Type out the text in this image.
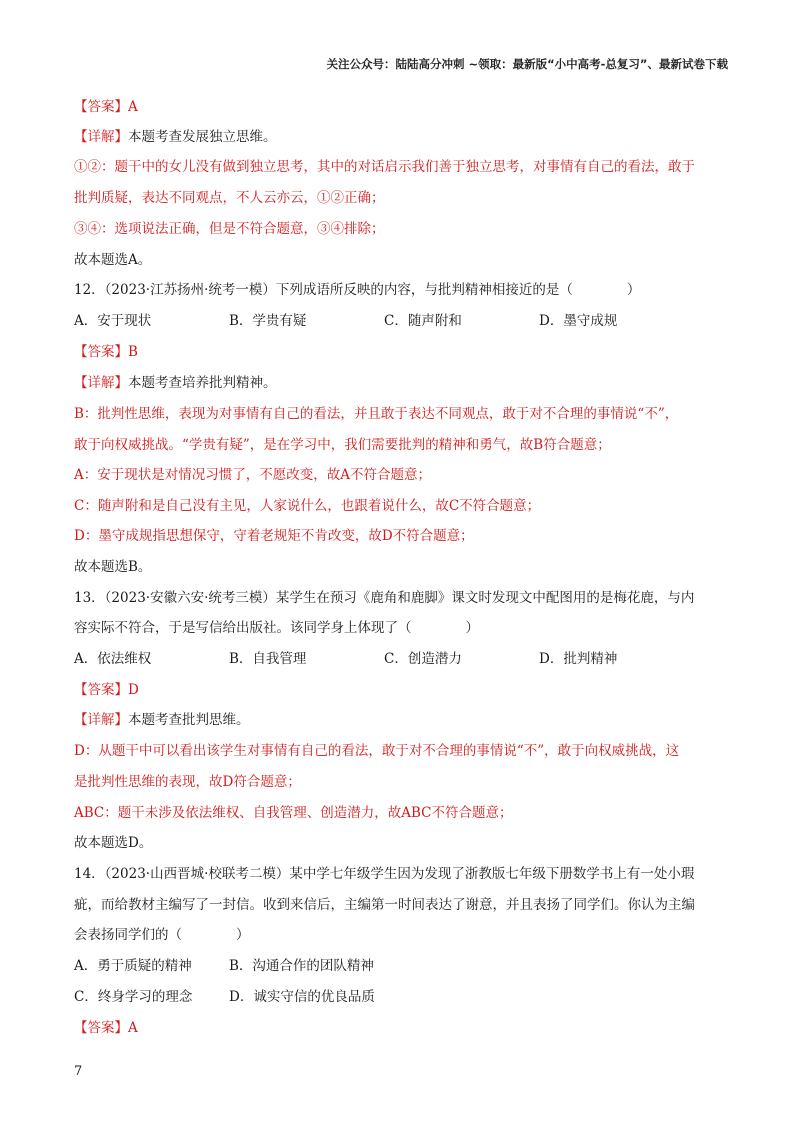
关注公众号：陆陆高分冲刺 ~领取：最新版“小中高考-总复习”、最新试卷下载
【答案】A
【详解】本题考查发展独立思维。
①②：题干中的女儿没有做到独立思考，其中的对话启示我们善于独立思考，对事情有自己的看法，敢于
批判质疑，表达不同观点，不人云亦云，①②正确；
③④：选项说法正确，但是不符合题意，③④排除；
故本题选A。
12．（2023·江苏扬州·统考一模）下列成语所反映的内容，与批判精神相接近的是（　　　　）
A．安于现状	B．学贵有疑	C．随声附和	D．墨守成规
【答案】B
【详解】本题考查培养批判精神。
B：批判性思维，表现为对事情有自己的看法，并且敢于表达不同观点，敢于对不合理的事情说“不”，
敢于向权威挑战。“学贵有疑”，是在学习中，我们需要批判的精神和勇气，故B符合题意；
A：安于现状是对情况习惯了，不愿改变，故A不符合题意；
C：随声附和是自己没有主见，人家说什么，也跟着说什么，故C不符合题意；
D：墨守成规指思想保守，守着老规矩不肯改变，故D不符合题意；
故本题选B。
13．（2023·安徽六安·统考三模）某学生在预习《鹿角和鹿脚》课文时发现文中配图用的是梅花鹿，与内
容实际不符合，于是写信给出版社。该同学身上体现了（　　　　）
A．依法维权	B．自我管理	C．创造潜力	D．批判精神
【答案】D
【详解】本题考查批判思维。
D：从题干中可以看出该学生对事情有自己的看法，敢于对不合理的事情说“不”，敢于向权威挑战，这
是批判性思维的表现，故D符合题意；
ABC：题干未涉及依法维权、自我管理、创造潜力，故ABC不符合题意；
故本题选D。
14．（2023·山西晋城·校联考二模）某中学七年级学生因为发现了浙教版七年级下册数学书上有一处小瑕
疵，而给教材主编写了一封信。收到来信后，主编第一时间表达了谢意，并且表扬了同学们。你认为主编
会表扬同学们的（　　　　）
A．勇于质疑的精神	B．沟通合作的团队精神
C．终身学习的理念	D．诚实守信的优良品质
【答案】A
7
